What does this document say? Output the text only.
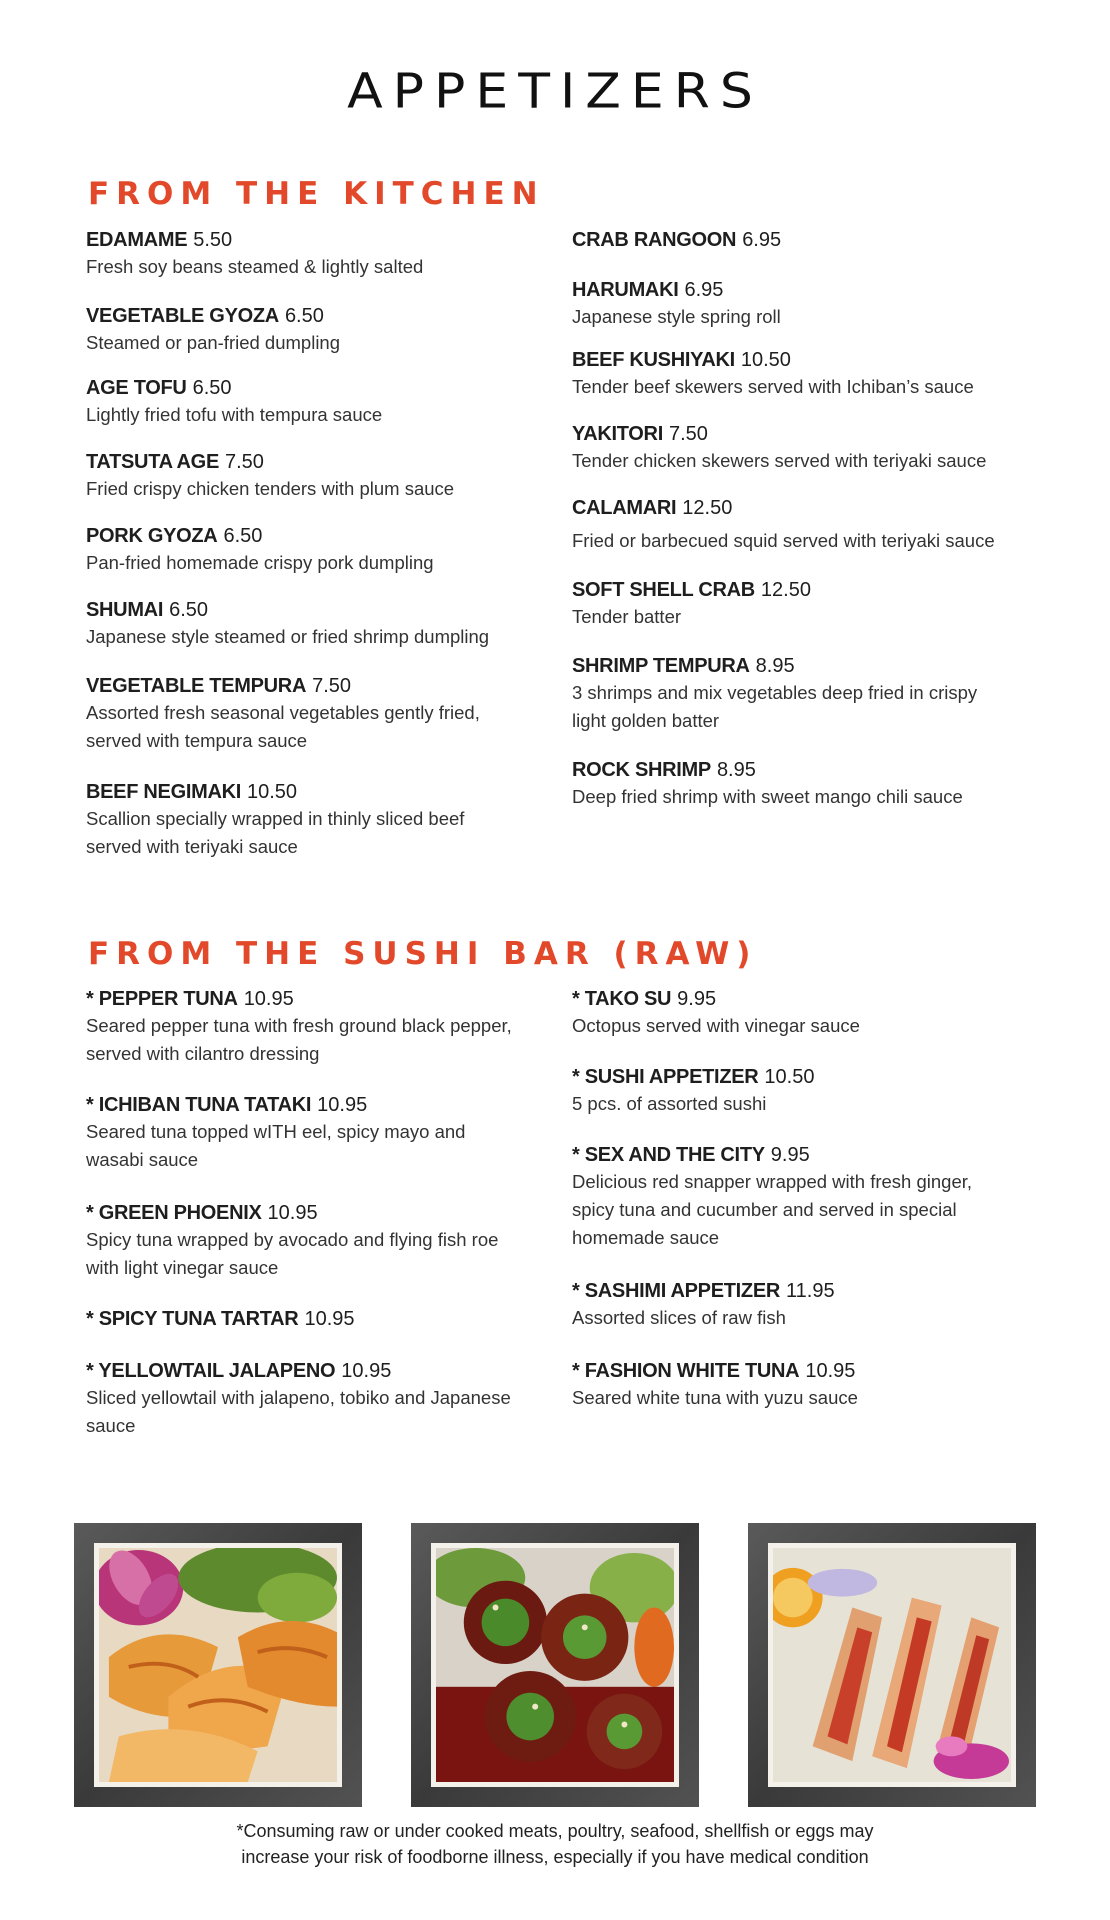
APPETIZERS
FROM THE KITCHEN
EDAMAME 5.50
Fresh soy beans steamed & lightly salted
VEGETABLE GYOZA 6.50
Steamed or pan-fried dumpling
AGE TOFU 6.50
Lightly fried tofu with tempura sauce
TATSUTA AGE 7.50
Fried crispy chicken tenders with plum sauce
PORK GYOZA 6.50
Pan-fried homemade crispy pork dumpling
SHUMAI 6.50
Japanese style steamed or fried shrimp dumpling
VEGETABLE TEMPURA 7.50
Assorted fresh seasonal vegetables gently fried, served with tempura sauce
BEEF NEGIMAKI 10.50
Scallion specially wrapped in thinly sliced beef served with teriyaki sauce
CRAB RANGOON 6.95
HARUMAKI 6.95
Japanese style spring roll
BEEF KUSHIYAKI 10.50
Tender beef skewers served with Ichiban’s sauce
YAKITORI 7.50
Tender chicken skewers served with teriyaki sauce
CALAMARI 12.50
Fried or barbecued squid served with teriyaki sauce
SOFT SHELL CRAB 12.50
Tender batter
SHRIMP TEMPURA 8.95
3 shrimps and mix vegetables deep fried in crispy light golden batter
ROCK SHRIMP 8.95
Deep fried shrimp with sweet mango chili sauce
FROM THE SUSHI BAR (RAW)
* PEPPER TUNA 10.95
Seared pepper tuna with fresh ground black pepper, served with cilantro dressing
* ICHIBAN TUNA TATAKI 10.95
Seared tuna topped wITH eel, spicy mayo and wasabi sauce
* GREEN PHOENIX 10.95
Spicy tuna wrapped by avocado and flying fish roe with light vinegar sauce
* SPICY TUNA TARTAR 10.95
* YELLOWTAIL JALAPENO 10.95
Sliced yellowtail with jalapeno, tobiko and Japanese sauce
* TAKO SU 9.95
Octopus served with vinegar sauce
* SUSHI APPETIZER 10.50
5 pcs. of assorted sushi
* SEX AND THE CITY 9.95
Delicious red snapper wrapped with fresh ginger, spicy tuna and cucumber and served in special homemade sauce
* SASHIMI APPETIZER 11.95
Assorted slices of raw fish
* FASHION WHITE TUNA 10.95
Seared white tuna with yuzu sauce
*Consuming raw or under cooked meats, poultry, seafood, shellfish or eggs may
increase your risk of foodborne illness, especially if you have medical condition
